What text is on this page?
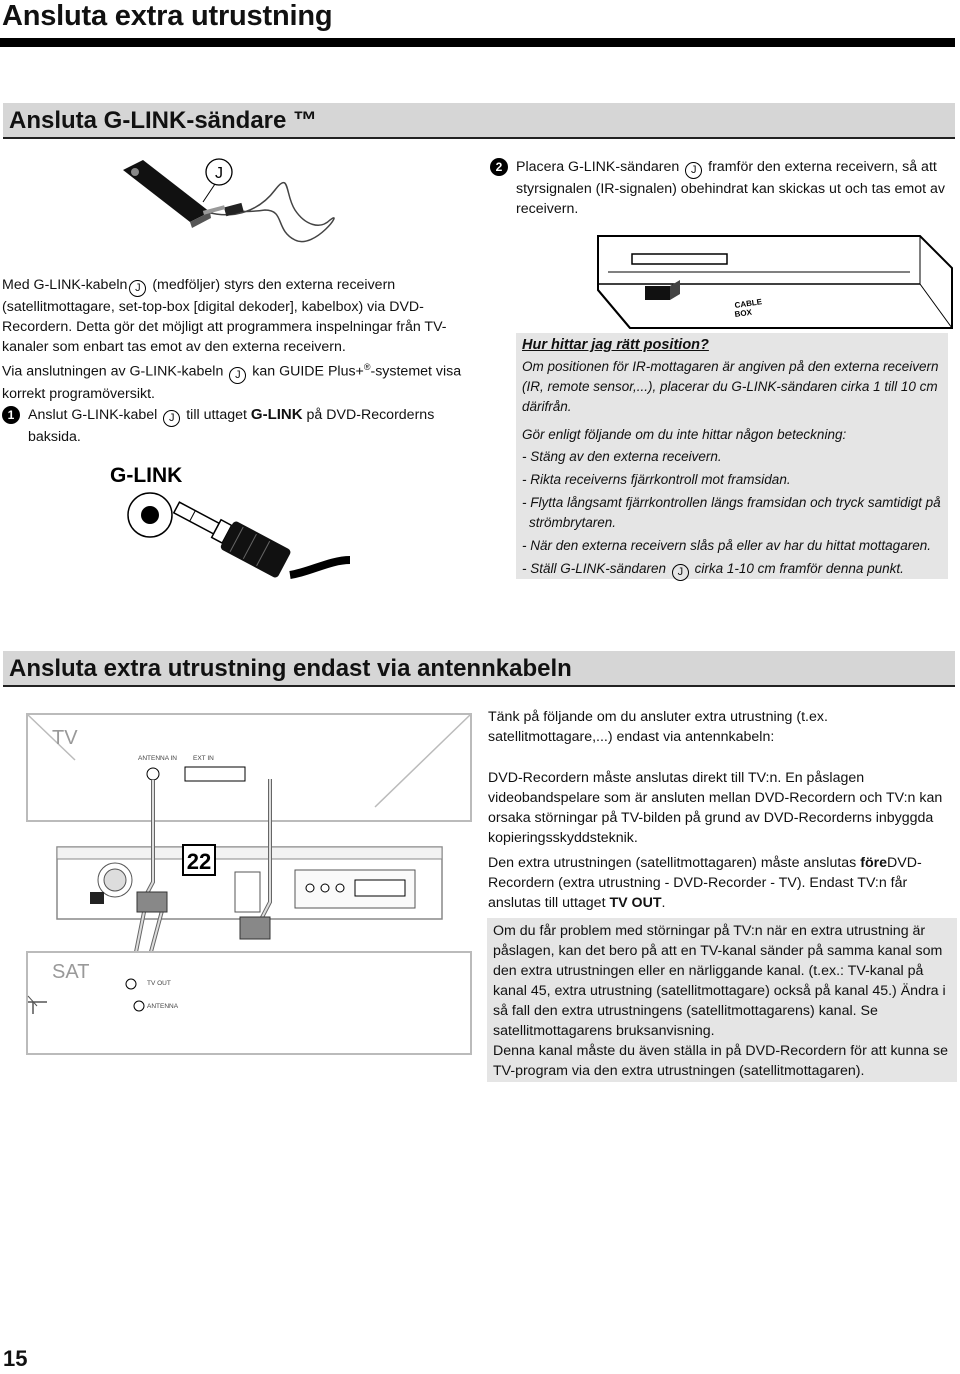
Ansluta extra utrustning
Ansluta G-LINK-sändare ™
J	2 Placera G-LINK-sändaren J framför den externa receivern, så att styrsignalen (IR-signalen) obehindrat kan skickas ut och tas emot av receivern.
CABLE
BOX
Med G-LINK-kabeln J (medföljer) styrs den externa receivern (satellitmottagare, set-top-box [digital dekoder], kabelbox) via DVD-Recordern. Detta gör det möjligt att programmera inspelningar från TV-kanaler som enbart tas emot av den externa receivern.
Via anslutningen av G-LINK-kabeln J kan GUIDE Plus+®-systemet visa korrekt programöversikt.
1 Anslut G-LINK-kabel J till uttaget G-LINK på DVD-Recorderns baksida.
G-LINK
Hur hittar jag rätt position?
Om positionen för IR-mottagaren är angiven på den externa receivern (IR, remote sensor,...), placerar du G-LINK-sändaren cirka 1 till 10 cm därifrån.
Gör enligt följande om du inte hittar någon beteckning:
- Stäng av den externa receivern.
- Rikta receiverns fjärrkontroll mot framsidan.
- Flytta långsamt fjärrkontrollen längs framsidan och tryck samtidigt på strömbrytaren.
- När den externa receivern slås på eller av har du hittat mottagaren.
- Ställ G-LINK-sändaren J cirka 1-10 cm framför denna punkt.
Ansluta extra utrustning endast via antennkabeln
TV
ANTENNA IN EXT IN
22
SAT
TV OUT
ANTENNA
Tänk på följande om du ansluter extra utrustning (t.ex. satellitmottagare,...) endast via antennkabeln:
DVD-Recordern måste anslutas direkt till TV:n. En påslagen videobandspelare som är ansluten mellan DVD-Recordern och TV:n kan orsaka störningar på TV-bilden på grund av DVD-Recorderns inbyggda kopieringsskyddsteknik.
Den extra utrustningen (satellitmottagaren) måste anslutas föreDVD-Recordern (extra utrustning - DVD-Recorder - TV). Endast TV:n får anslutas till uttaget TV OUT.
Om du får problem med störningar på TV:n när en extra utrustning är påslagen, kan det bero på att en TV-kanal sänder på samma kanal som den extra utrustningen eller en närliggande kanal. (t.ex.: TV-kanal på kanal 45, extra utrustning (satellitmottagare) också på kanal 45.) Ändra i så fall den extra utrustningens (satellitmottagarens) kanal. Se satellitmottagarens bruksanvisning.
Denna kanal måste du även ställa in på DVD-Recordern för att kunna se TV-program via den extra utrustningen (satellitmottagaren).
15
